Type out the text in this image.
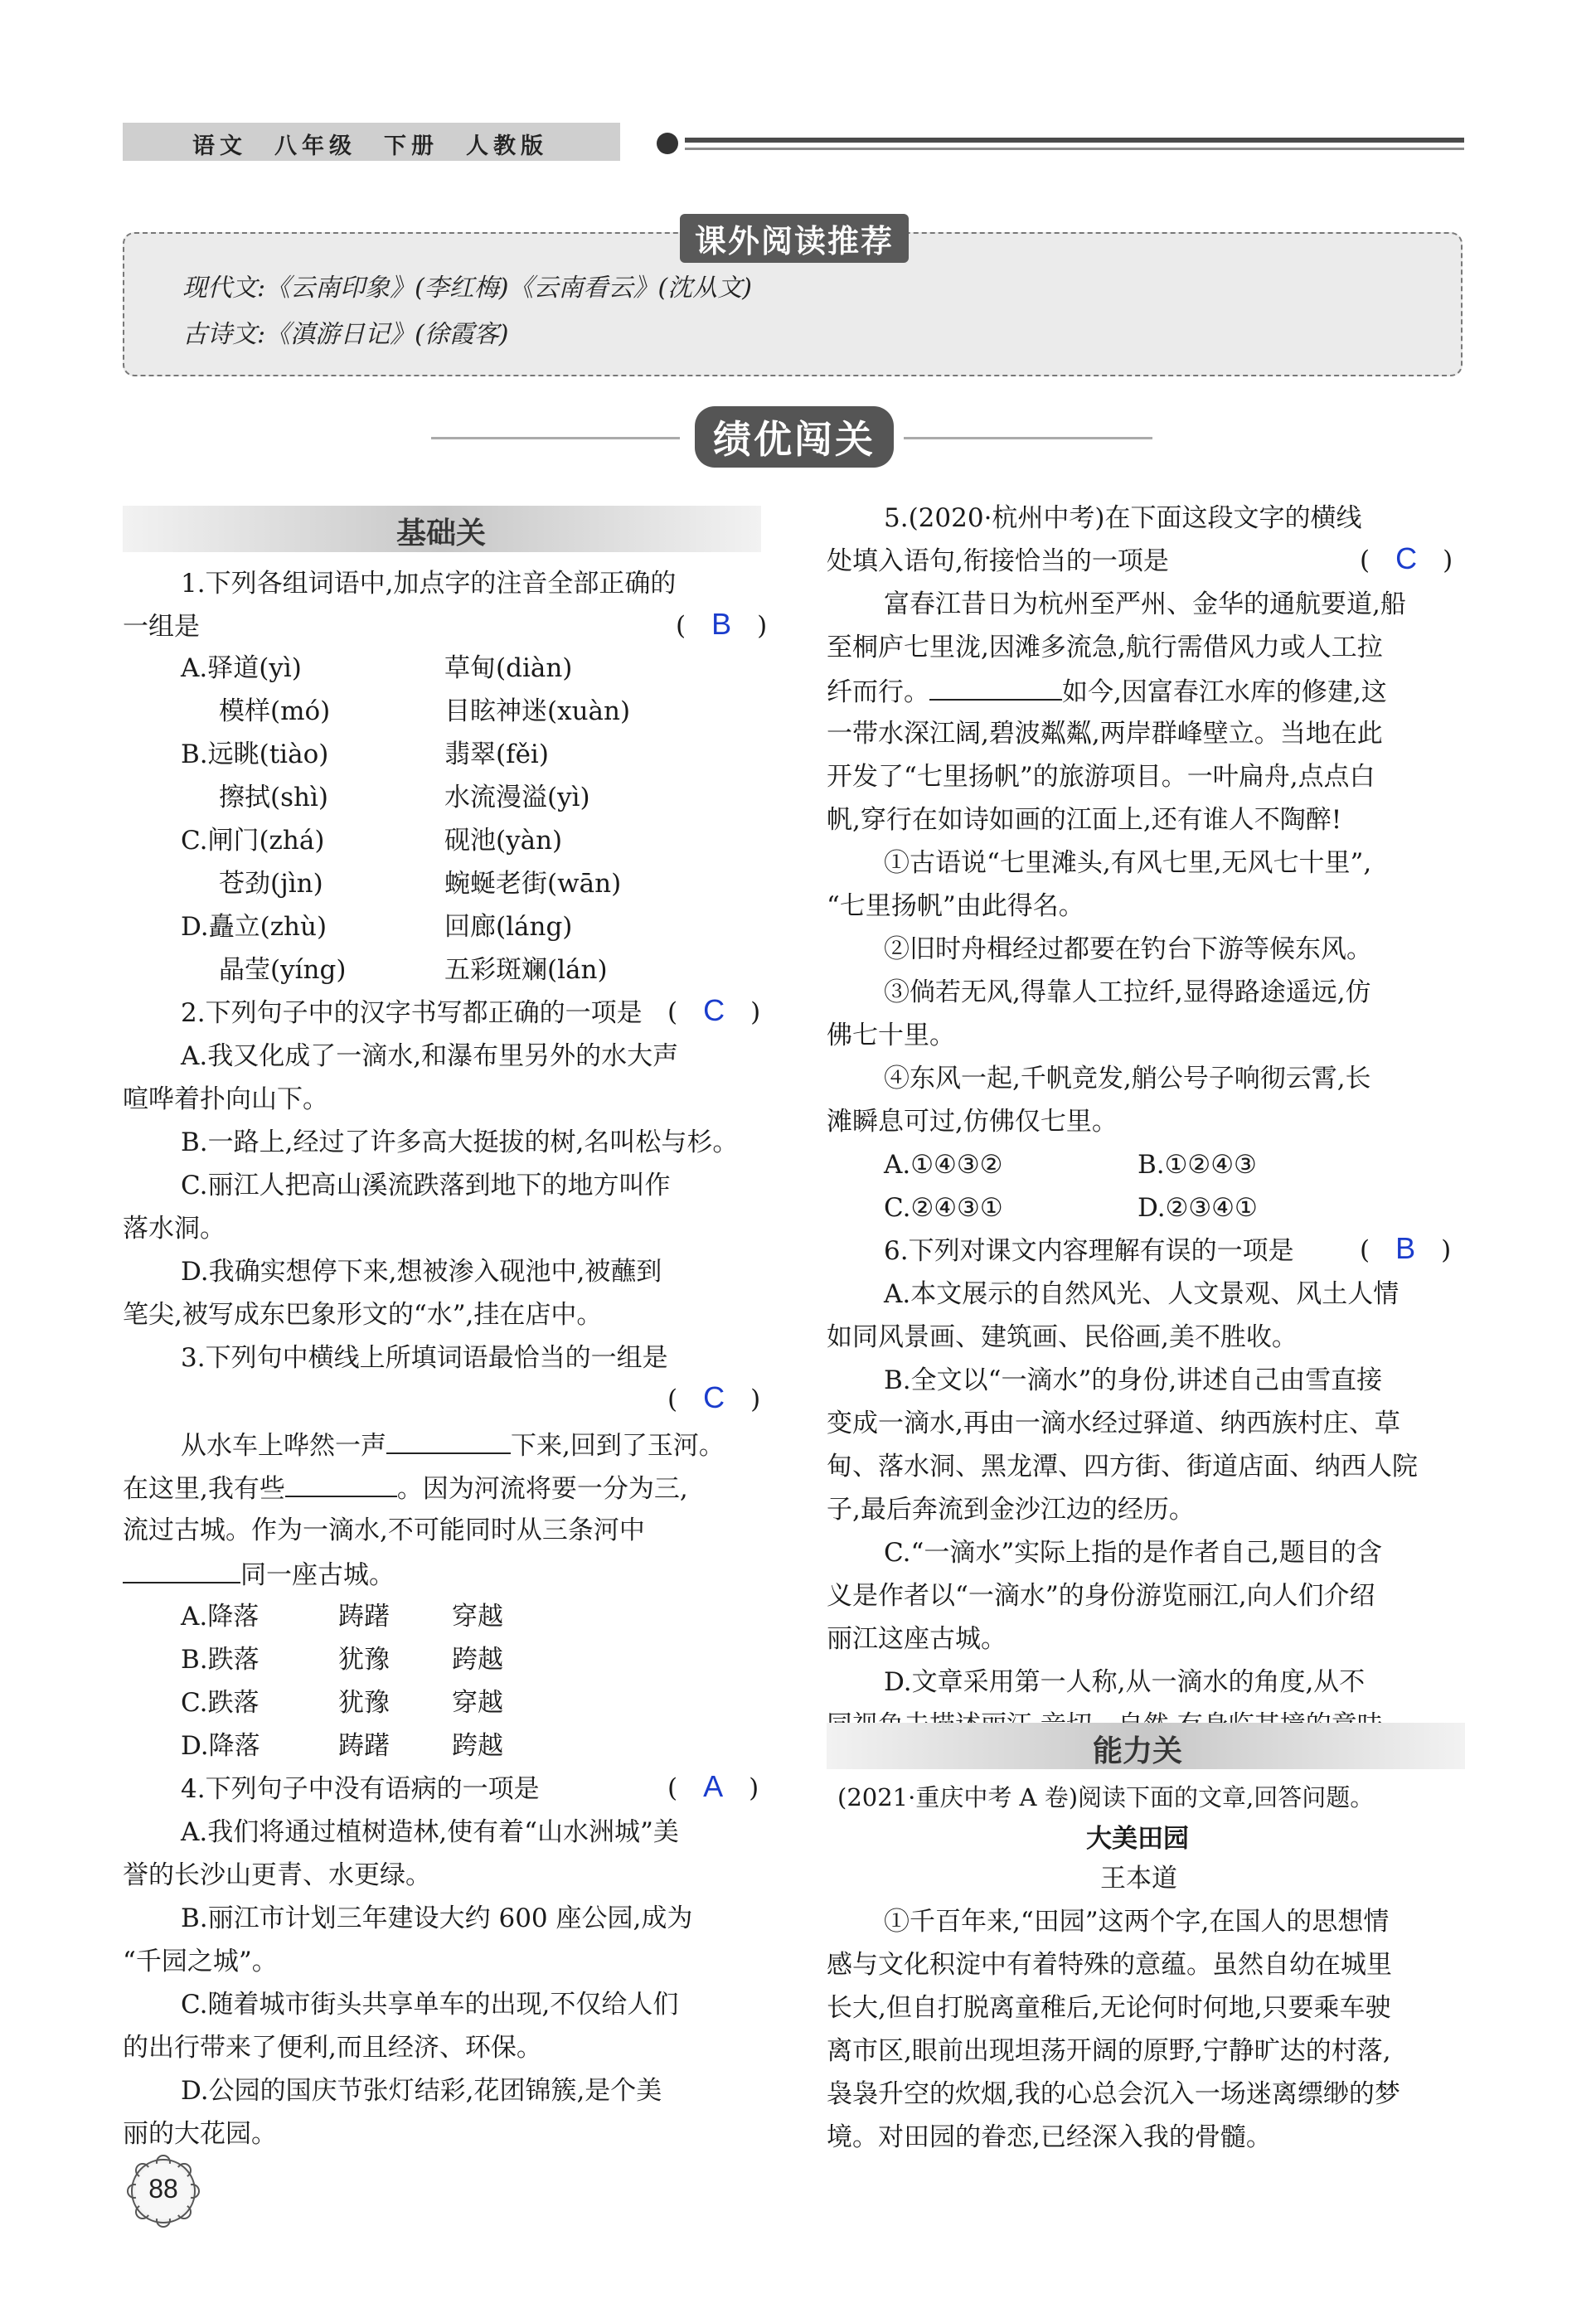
语文　八年级　下册　人教版
课外阅读推荐
现代文:《云南印象》(李红梅)《云南看云》(沈从文)
古诗文:《滇游日记》(徐霞客)
绩优闯关
基础关
1.下列各组词语中,加点字的注音全部正确的
一组是	(　B　)
A.驿道(yì)	草甸(diàn)
模样(mó)	目眩神迷(xuàn)
B.远眺(tiào)	翡翠(fěi)
擦拭(shì)	水流漫溢(yì)
C.闸门(zhá)	砚池(yàn)
苍劲(jìn)	蜿蜒老街(wān)
D.矗立(zhù)	回廊(láng)
晶莹(yíng)	五彩斑斓(lán)
2.下列句子中的汉字书写都正确的一项是 (　C　)
A.我又化成了一滴水,和瀑布里另外的水大声
喧哗着扑向山下。
B.一路上,经过了许多高大挺拔的树,名叫松与杉。
C.丽江人把高山溪流跌落到地下的地方叫作
落水洞。
D.我确实想停下来,想被渗入砚池中,被蘸到
笔尖,被写成东巴象形文的“水”,挂在店中。
3.下列句中横线上所填词语最恰当的一组是
(　C　)
从水车上哗然一声	下来,回到了玉河。
在这里,我有些	。因为河流将要一分为三,
流过古城。作为一滴水,不可能同时从三条河中
同一座古城。
A.降落	踌躇 穿越
B.跌落	犹豫 跨越
C.跌落	犹豫 穿越
D.降落	踌躇 跨越
4.下列句子中没有语病的一项是	(　A　)
A.我们将通过植树造林,使有着“山水洲城”美
誉的长沙山更青、水更绿。
B.丽江市计划三年建设大约 600 座公园,成为
“千园之城”。
C.随着城市街头共享单车的出现,不仅给人们
的出行带来了便利,而且经济、环保。
D.公园的国庆节张灯结彩,花团锦簇,是个美
丽的大花园。
5.(2020·杭州中考)在下面这段文字的横线
处填入语句,衔接恰当的一项是	(　C　)
富春江昔日为杭州至严州、金华的通航要道,船
至桐庐七里泷,因滩多流急,航行需借风力或人工拉
纤而行。	如今,因富春江水库的修建,这
一带水深江阔,碧波粼粼,两岸群峰壁立。当地在此
开发了“七里扬帆”的旅游项目。一叶扁舟,点点白
帆,穿行在如诗如画的江面上,还有谁人不陶醉!
①古语说“七里滩头,有风七里,无风七十里”,
“七里扬帆”由此得名。
②旧时舟楫经过都要在钓台下游等候东风。
③倘若无风,得靠人工拉纤,显得路途遥远,仿
佛七十里。
④东风一起,千帆竞发,艄公号子响彻云霄,长
滩瞬息可过,仿佛仅七里。
A.①④③②	B.①②④③
C.②④③①	D.②③④①
6.下列对课文内容理解有误的一项是	(　B　)
A.本文展示的自然风光、人文景观、风土人情
如同风景画、建筑画、民俗画,美不胜收。
B.全文以“一滴水”的身份,讲述自己由雪直接
变成一滴水,再由一滴水经过驿道、纳西族村庄、草
甸、落水洞、黑龙潭、四方街、街道店面、纳西人院
子,最后奔流到金沙江边的经历。
C.“一滴水”实际上指的是作者自己,题目的含
义是作者以“一滴水”的身份游览丽江,向人们介绍
丽江这座古城。
D.文章采用第一人称,从一滴水的角度,从不
能力关
(2021·重庆中考 A 卷)阅读下面的文章,回答问题。
大美田园
王本道
①千百年来,“田园”这两个字,在国人的思想情
感与文化积淀中有着特殊的意蕴。虽然自幼在城里
长大,但自打脱离童稚后,无论何时何地,只要乘车驶
离市区,眼前出现坦荡开阔的原野,宁静旷达的村落,
袅袅升空的炊烟,我的心总会沉入一场迷离缥缈的梦
境。对田园的眷恋,已经深入我的骨髓。
88
